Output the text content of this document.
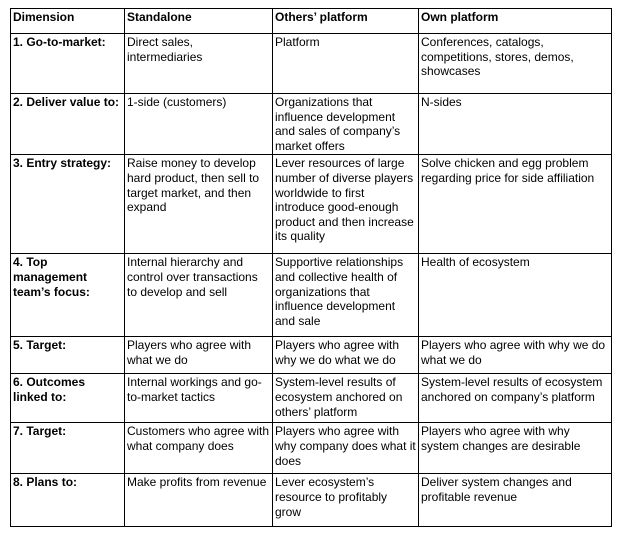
Dimension	Standalone	Others’ platform	Own platform
1. Go-to-market:	Direct sales, intermediaries	Platform	Conferences, catalogs, competitions, stores, demos, showcases
2. Deliver value to:	1-side (customers)	Organizations that influence development and sales of company’s market offers	N-sides
3. Entry strategy:	Raise money to develop hard product, then sell to target market, and then expand	Lever resources of large number of diverse players worldwide to first introduce good-enough product and then increase its quality	Solve chicken and egg problem regarding price for side affiliation
4. Top management team’s focus:	Internal hierarchy and control over transactions to develop and sell	Supportive relationships and collective health of organizations that influence development and sale	Health of ecosystem
5. Target:	Players who agree with what we do	Players who agree with why we do what we do	Players who agree with why we do what we do
6. Outcomes linked to:	Internal workings and go-to-market tactics	System-level results of ecosystem anchored on others’ platform	System-level results of ecosystem anchored on company’s platform
7. Target:	Customers who agree with what company does	Players who agree with why company does what it does	Players who agree with why system changes are desirable
8. Plans to:	Make profits from revenue	Lever ecosystem’s resource to profitably grow	Deliver system changes and profitable revenue
